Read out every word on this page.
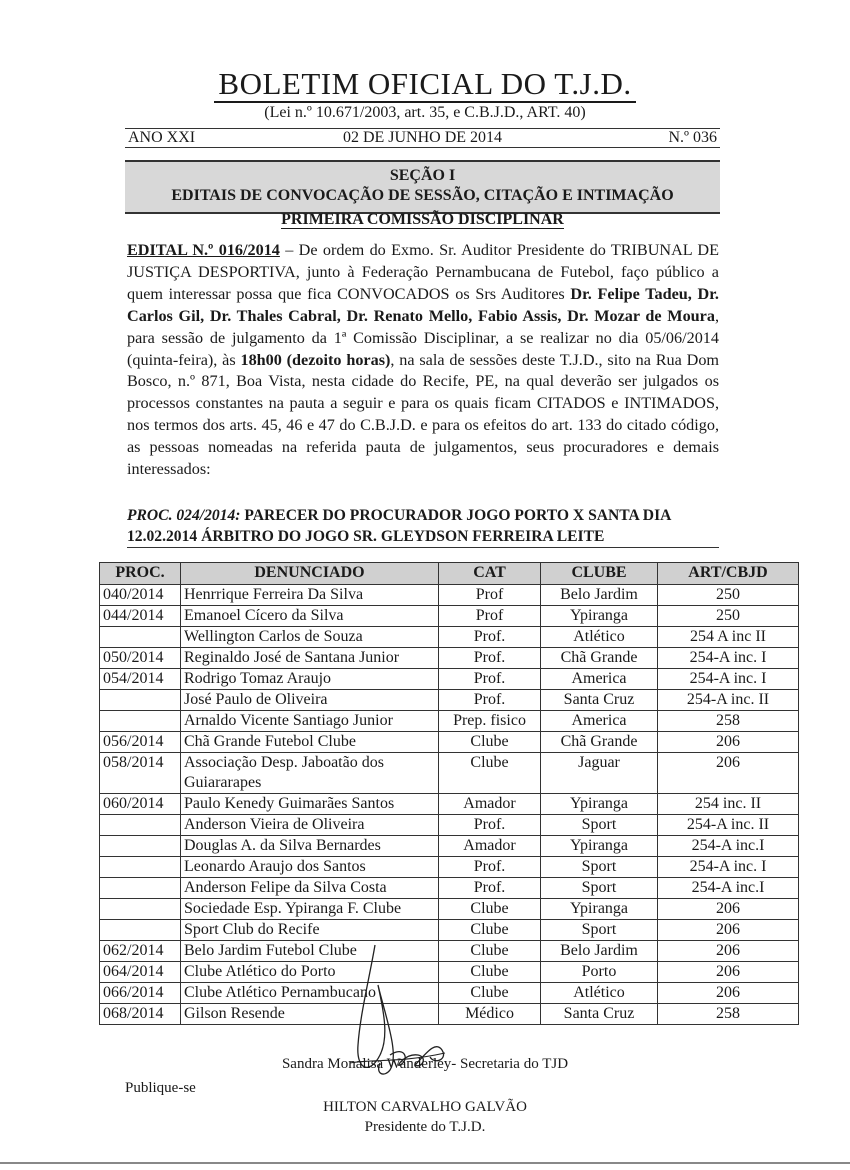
BOLETIM OFICIAL DO T.J.D.
(Lei n.º 10.671/2003, art. 35, e C.B.J.D., ART. 40)
ANO XXI	02 DE JUNHO DE 2014	N.º 036
SEÇÃO I
EDITAIS DE CONVOCAÇÃO DE SESSÃO, CITAÇÃO E INTIMAÇÃO
PRIMEIRA COMISSÃO DISCIPLINAR
EDITAL N.º 016/2014 – De ordem do Exmo. Sr. Auditor Presidente do TRIBUNAL DE JUSTIÇA DESPORTIVA, junto à Federação Pernambucana de Futebol, faço público a quem interessar possa que fica CONVOCADOS os Srs Auditores Dr. Felipe Tadeu, Dr. Carlos Gil, Dr. Thales Cabral, Dr. Renato Mello, Fabio Assis, Dr. Mozar de Moura, para sessão de julgamento da 1ª Comissão Disciplinar, a se realizar no dia 05/06/2014 (quinta-feira), às 18h00 (dezoito horas), na sala de sessões deste T.J.D., sito na Rua Dom Bosco, n.º 871, Boa Vista, nesta cidade do Recife, PE, na qual deverão ser julgados os processos constantes na pauta a seguir e para os quais ficam CITADOS e INTIMADOS, nos termos dos arts. 45, 46 e 47 do C.B.J.D. e para os efeitos do art. 133 do citado código, as pessoas nomeadas na referida pauta de julgamentos, seus procuradores e demais interessados:
PROC. 024/2014: PARECER DO PROCURADOR JOGO PORTO X SANTA DIA 12.02.2014 ÁRBITRO DO JOGO SR. GLEYDSON FERREIRA LEITE
PROC.	DENUNCIADO	CAT	CLUBE	ART/CBJD
040/2014	Henrrique Ferreira Da Silva	Prof	Belo Jardim	250
044/2014	Emanoel Cícero da Silva	Prof	Ypiranga	250
	Wellington Carlos de Souza	Prof.	Atlético	254 A inc II
050/2014	Reginaldo José de Santana Junior	Prof.	Chã Grande	254-A inc. I
054/2014	Rodrigo Tomaz Araujo	Prof.	America	254-A inc. I
	José Paulo de Oliveira	Prof.	Santa Cruz	254-A inc. II
	Arnaldo Vicente Santiago Junior	Prep. fisico	America	258
056/2014	Chã Grande Futebol Clube	Clube	Chã Grande	206
058/2014	Associação Desp. Jaboatão dos Guiararapes	Clube	Jaguar	206
060/2014	Paulo Kenedy Guimarães Santos	Amador	Ypiranga	254 inc. II
	Anderson Vieira de Oliveira	Prof.	Sport	254-A inc. II
	Douglas A. da Silva Bernardes	Amador	Ypiranga	254-A inc.I
	Leonardo Araujo dos Santos	Prof.	Sport	254-A inc. I
	Anderson Felipe da Silva Costa	Prof.	Sport	254-A inc.I
	Sociedade Esp. Ypiranga F. Clube	Clube	Ypiranga	206
	Sport Club do Recife	Clube	Sport	206
062/2014	Belo Jardim Futebol Clube	Clube	Belo Jardim	206
064/2014	Clube Atlético do Porto	Clube	Porto	206
066/2014	Clube Atlético Pernambucano	Clube	Atlético	206
068/2014	Gilson Resende	Médico	Santa Cruz	258
Sandra Monalisa Wanderley- Secretaria do TJD
Publique-se
HILTON CARVALHO GALVÃO
Presidente do T.J.D.
